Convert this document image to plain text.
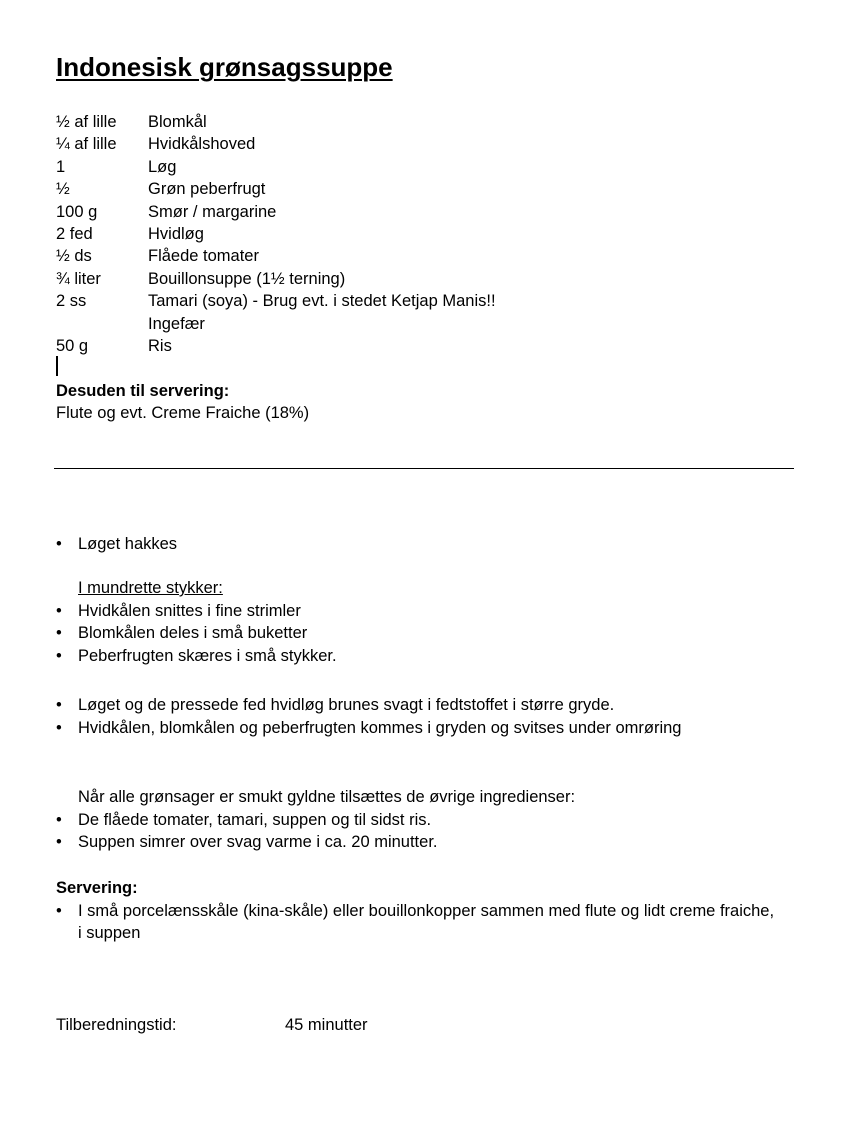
Indonesisk grønsagssuppe
½ af lille Blomkål
¼ af lille Hvidkålshoved
1	Løg
½	Grøn peberfrugt
100 g	Smør / margarine
2 fed	Hvidløg
½ ds	Flåede tomater
¾ liter	Bouillonsuppe (1½ terning)
2 ss	Tamari (soya) - Brug evt. i stedet Ketjap Manis!!
Ingefær
50 g	Ris
Desuden til servering:
Flute og evt. Creme Fraiche (18%)
• Løget hakkes
I mundrette stykker:
• Hvidkålen snittes i fine strimler
• Blomkålen deles i små buketter
• Peberfrugten skæres i små stykker.
• Løget og de pressede fed hvidløg brunes svagt i fedtstoffet i større gryde.
• Hvidkålen, blomkålen og peberfrugten kommes i gryden og svitses under omrøring
Når alle grønsager er smukt gyldne tilsættes de øvrige ingredienser:
• De flåede tomater, tamari, suppen og til sidst ris.
• Suppen simrer over svag varme i ca. 20 minutter.
Servering:
• I små porcelænsskåle (kina-skåle) eller bouillonkopper sammen med flute og lidt creme fraiche, i suppen
Tilberedningstid:	45 minutter
